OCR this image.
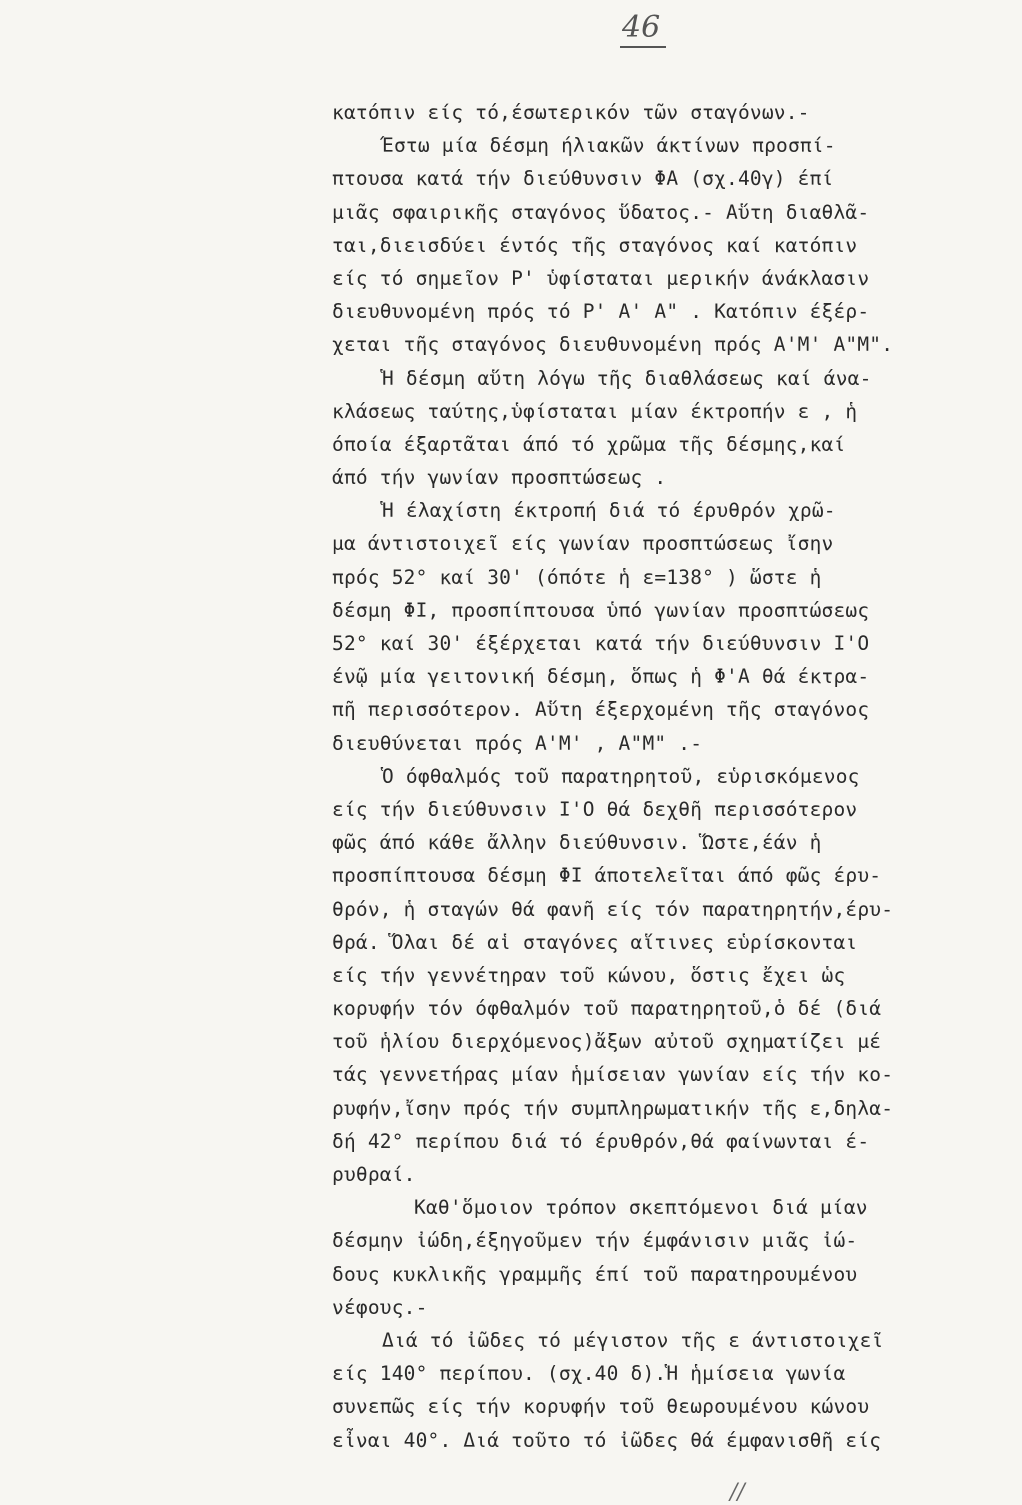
46
κατόπιν είς τό,έσωτερικόν τῶν σταγόνων.-
Έστω μία δέσμη ήλιακῶν άκτίνων προσπί-
πτουσα κατά τήν διεύθυνσιν ΦΑ (σχ.40γ) έπί
μιᾶς σφαιρικῆς σταγόνος ὕδατος.- Αὕτη διαθλᾶ-
ται,διεισδύει έντός τῆς σταγόνος καί κατόπιν
είς τό σημεῖον Ρ' ὑφίσταται μερικήν άνάκλασιν
διευθυνομένη πρός τό Ρ' Α' Α" . Κατόπιν έξέρ-
χεται τῆς σταγόνος διευθυνομένη πρός Α'Μ' Α"Μ".
Ἡ δέσμη αὕτη λόγω τῆς διαθλάσεως καί άνα-
κλάσεως ταύτης,ὑφίσταται μίαν έκτροπήν ε , ἡ
όποία έξαρτᾶται άπό τό χρῶμα τῆς δέσμης,καί
άπό τήν γωνίαν προσπτώσεως .
Ἡ έλαχίστη έκτροπή διά τό έρυθρόν χρῶ-
μα άντιστοιχεῖ είς γωνίαν προσπτώσεως ἴσην
πρός 52° καί 30' (όπότε ἡ ε=138° ) ὥστε ἡ
δέσμη ΦΙ, προσπίπτουσα ὑπό γωνίαν προσπτώσεως
52° καί 30' έξέρχεται κατά τήν διεύθυνσιν Ι'Ο
ένῷ μία γειτονική δέσμη, ὅπως ἡ Φ'Α θά έκτρα-
πῆ περισσότερον. Αὕτη έξερχομένη τῆς σταγόνος
διευθύνεται πρός Α'Μ' , Α"Μ" .-
Ὁ όφθαλμός τοῦ παρατηρητοῦ, εὑρισκόμενος
είς τήν διεύθυνσιν Ι'Ο θά δεχθῆ περισσότερον
φῶς άπό κάθε ἄλλην διεύθυνσιν. Ὥστε,έάν ἡ
προσπίπτουσα δέσμη ΦΙ άποτελεῖται άπό φῶς έρυ-
θρόν, ἡ σταγών θά φανῆ είς τόν παρατηρητήν,έρυ-
θρά. Ὅλαι δέ αἱ σταγόνες αἵτινες εὑρίσκονται
είς τήν γεννέτηραν τοῦ κώνου, ὅστις ἔχει ὡς
κορυφήν τόν όφθαλμόν τοῦ παρατηρητοῦ,ὁ δέ (διά
τοῦ ἡλίου διερχόμενος)ἄξων αὐτοῦ σχηματίζει μέ
τάς γεννετήρας μίαν ἡμίσειαν γωνίαν είς τήν κο-
ρυφήν,ἴσην πρός τήν συμπληρωματικήν τῆς ε,δηλα-
δή 42° περίπου διά τό έρυθρόν,θά φαίνωνται έ-
ρυθραί.
Καθ'ὅμοιον τρόπον σκεπτόμενοι διά μίαν
δέσμην ἰώδη,έξηγοῦμεν τήν έμφάνισιν μιᾶς ἰώ-
δους κυκλικῆς γραμμῆς έπί τοῦ παρατηρουμένου
νέφους.-
Διά τό ἰῶδες τό μέγιστον τῆς ε άντιστοιχεῖ
είς 140° περίπου. (σχ.40 δ).Ἡ ἡμίσεια γωνία
συνεπῶς είς τήν κορυφήν τοῦ θεωρουμένου κώνου
εἶναι 40°. Διά τοῦτο τό ἰῶδες θά έμφανισθῆ είς
//
